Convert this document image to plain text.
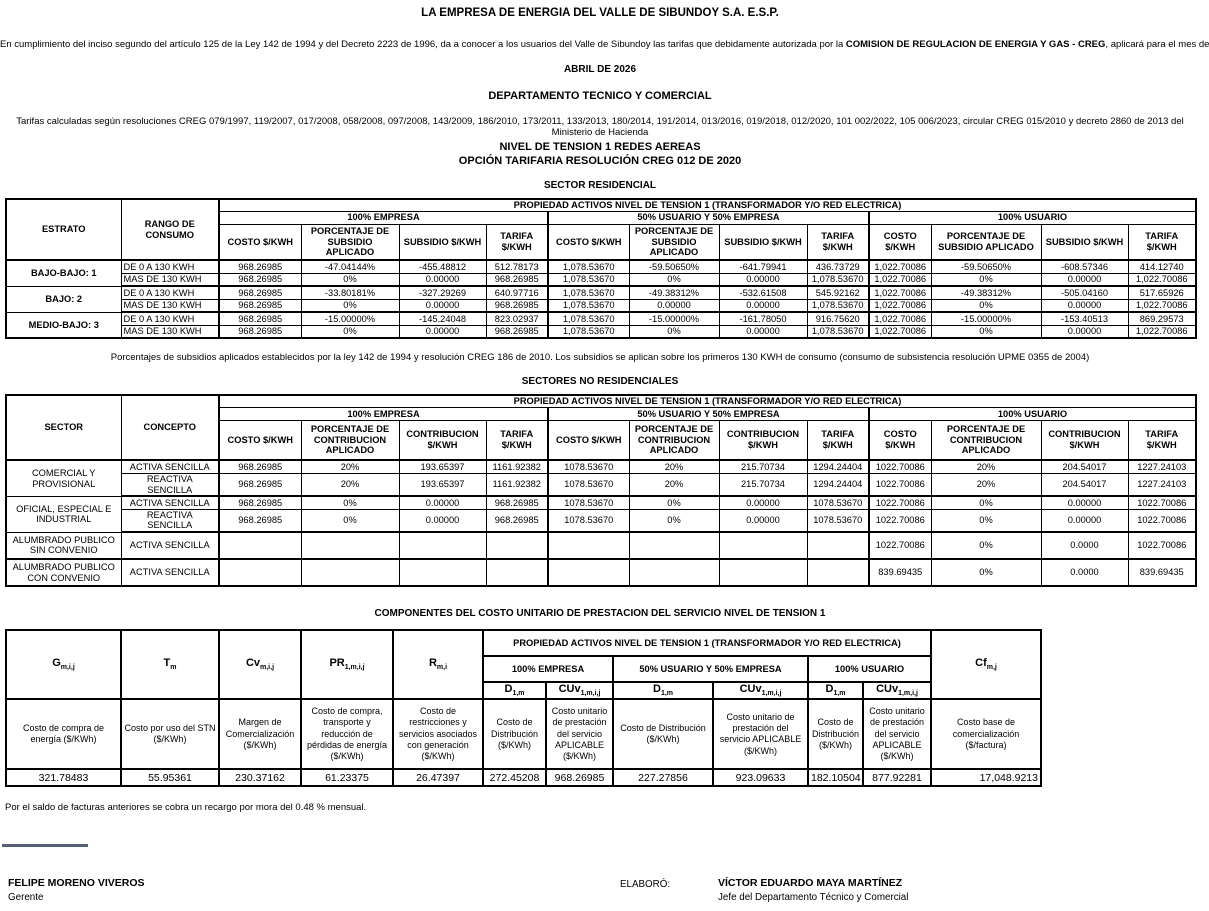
LA EMPRESA DE ENERGIA DEL VALLE DE SIBUNDOY S.A. E.S.P.
En cumplimiento del inciso segundo del artículo 125 de la Ley 142 de 1994 y del Decreto 2223 de 1996, da a conocer a los usuarios del Valle de Sibundoy las tarifas que debidamente autorizada por la COMISION DE REGULACION DE ENERGIA Y GAS - CREG, aplicará para el mes de
ABRIL DE 2026
DEPARTAMENTO TECNICO Y COMERCIAL
Tarifas calculadas según resoluciones CREG 079/1997, 119/2007, 017/2008, 058/2008, 097/2008, 143/2009, 186/2010, 173/2011, 133/2013, 180/2014, 191/2014, 013/2016, 019/2018, 012/2020, 101 002/2022, 105 006/2023, circular CREG 015/2010 y decreto 2860 de 2013 del Ministerio de Hacienda
NIVEL DE TENSION 1 REDES AEREAS
OPCIÓN TARIFARIA RESOLUCIÓN CREG 012 DE 2020
SECTOR RESIDENCIAL
ESTRATO	RANGO DE CONSUMO	PROPIEDAD ACTIVOS NIVEL DE TENSION 1 (TRANSFORMADOR Y/O RED ELECTRICA)											
		100% EMPRESA				50% USUARIO Y 50% EMPRESA				100% USUARIO			
		COSTO $/KWH	PORCENTAJE DE SUBSIDIO APLICADO	SUBSIDIO $/KWH	TARIFA $/KWH	COSTO $/KWH	PORCENTAJE DE SUBSIDIO APLICADO	SUBSIDIO $/KWH	TARIFA $/KWH	COSTO $/KWH	PORCENTAJE DE SUBSIDIO APLICADO	SUBSIDIO $/KWH	TARIFA $/KWH
BAJO-BAJO: 1	DE 0 A 130 KWH	968.26985	-47.04144%	-455.48812	512.78173	1,078.53670	-59.50650%	-641.79941	436.73729	1,022.70086	-59.50650%	-608.57346	414.12740
	MAS DE 130 KWH	968.26985	0%	0.00000	968.26985	1,078.53670	0%	0.00000	1,078.53670	1,022.70086	0%	0.00000	1,022.70086
BAJO: 2	DE 0 A 130 KWH	968.26985	-33.80181%	-327.29269	640.97716	1,078.53670	-49.38312%	-532.61508	545.92162	1,022.70086	-49.38312%	-505.04160	517.65926
	MAS DE 130 KWH	968.26985	0%	0.00000	968.26985	1,078.53670	0.00000	0.00000	1,078.53670	1,022.70086	0%	0.00000	1,022.70086
MEDIO-BAJO: 3	DE 0 A 130 KWH	968.26985	-15.00000%	-145.24048	823.02937	1,078.53670	-15.00000%	-161.78050	916.75620	1,022.70086	-15.00000%	-153.40513	869.29573
	MAS DE 130 KWH	968.26985	0%	0.00000	968.26985	1,078.53670	0%	0.00000	1,078.53670	1,022.70086	0%	0.00000	1,022.70086
Porcentajes de subsidios aplicados establecidos por la ley 142 de 1994 y resolución CREG 186 de 2010. Los subsidios se aplican sobre los primeros 130 KWH de consumo (consumo de subsistencia resolución UPME 0355 de 2004)
SECTORES NO RESIDENCIALES
SECTOR	CONCEPTO	PROPIEDAD ACTIVOS NIVEL DE TENSION 1 (TRANSFORMADOR Y/O RED ELECTRICA)											
		100% EMPRESA				50% USUARIO Y 50% EMPRESA				100% USUARIO			
		COSTO $/KWH	PORCENTAJE DE CONTRIBUCION APLICADO	CONTRIBUCION $/KWH	TARIFA $/KWH	COSTO $/KWH	PORCENTAJE DE CONTRIBUCION APLICADO	CONTRIBUCION $/KWH	TARIFA $/KWH	COSTO $/KWH	PORCENTAJE DE CONTRIBUCION APLICADO	CONTRIBUCION $/KWH	TARIFA $/KWH
COMERCIAL Y PROVISIONAL	ACTIVA SENCILLA	968.26985	20%	193.65397	1161.92382	1078.53670	20%	215.70734	1294.24404	1022.70086	20%	204.54017	1227.24103
	REACTIVA SENCILLA	968.26985	20%	193.65397	1161.92382	1078.53670	20%	215.70734	1294.24404	1022.70086	20%	204.54017	1227.24103
OFICIAL, ESPECIAL E INDUSTRIAL	ACTIVA SENCILLA	968.26985	0%	0.00000	968.26985	1078.53670	0%	0.00000	1078.53670	1022.70086	0%	0.00000	1022.70086
	REACTIVA SENCILLA	968.26985	0%	0.00000	968.26985	1078.53670	0%	0.00000	1078.53670	1022.70086	0%	0.00000	1022.70086
ALUMBRADO PUBLICO SIN CONVENIO	ACTIVA SENCILLA									1022.70086	0%	0.0000	1022.70086
ALUMBRADO PUBLICO CON CONVENIO	ACTIVA SENCILLA									839.69435	0%	0.0000	839.69435
COMPONENTES DEL COSTO UNITARIO DE PRESTACION DEL SERVICIO NIVEL DE TENSION 1
$G_{m,i,j}$	$T_m$	$Cv_{m,i,j}$	$PR_{1,m,i,j}$	$R_{m,i}$	PROPIEDAD ACTIVOS NIVEL DE TENSION 1 (TRANSFORMADOR Y/O RED ELECTRICA)						$Cf_{m,j}$
					100% EMPRESA		50% USUARIO Y 50% EMPRESA		100% USUARIO		
					$D_{1,m}$	CUv$_{1,m,i,j}$	$D_{1,m}$	CUv$_{1,m,i,j}$	$D_{1,m}$	CUv$_{1,m,i,j}$
Costo de compra de energía ($/KWh)	Costo por uso del STN ($/KWh)	Margen de Comercialización ($/KWh)	Costo de compra, transporte y reducción de pérdidas de energía ($/KWh)	Costo de restricciones y servicios asociados con generación ($/KWh)	Costo de Distribución ($/KWh)	Costo unitario de prestación del servicio APLICABLE ($/KWh)	Costo de Distribución ($/KWh)	Costo unitario de prestación del servicio APLICABLE ($/KWh)	Costo de Distribución ($/KWh)	Costo unitario de prestación del servicio APLICABLE ($/KWh)	Costo base de comercialización ($/factura)
321.78483	55.95361	230.37162	61.23375	26.47397	272.45208	968.26985	227.27856	923.09633	182.10504	877.92281	17,048.9213
Por el saldo de facturas anteriores se cobra un recargo por mora del 0.48 % mensual.
FELIPE MORENO VIVEROS
Gerente
ELABORÓ:	VÍCTOR EDUARDO MAYA MARTÍNEZ
Jefe del Departamento Técnico y Comercial
